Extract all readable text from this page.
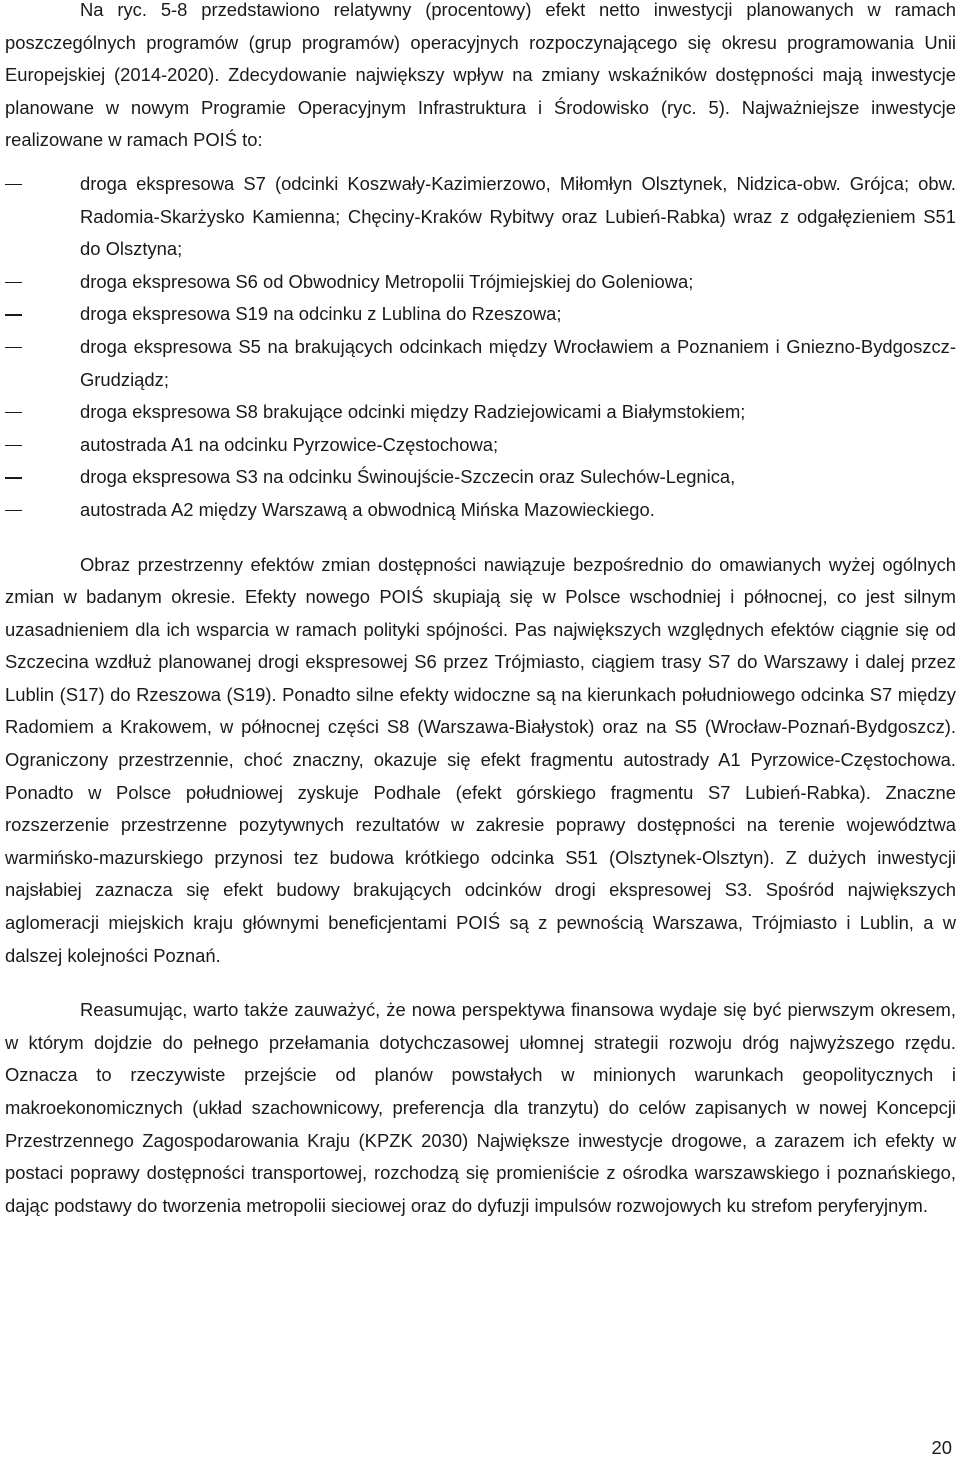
Na ryc. 5-8 przedstawiono relatywny (procentowy) efekt netto inwestycji planowanych w ramach poszczególnych programów (grup programów) operacyjnych rozpoczynającego się okresu programowania Unii Europejskiej (2014-2020). Zdecydowanie największy wpływ na zmiany wskaźników dostępności mają inwestycje planowane w nowym Programie Operacyjnym Infrastruktura i Środowisko (ryc. 5). Najważniejsze inwestycje realizowane w ramach POIŚ to:

droga ekspresowa S7 (odcinki Koszwały-Kazimierzowo, Miłomłyn Olsztynek, Nidzica-obw. Grójca; obw. Radomia-Skarżysko Kamienna; Chęciny-Kraków Rybitwy oraz Lubień-Rabka) wraz z odgałęzieniem S51 do Olsztyna;
droga ekspresowa S6 od Obwodnicy Metropolii Trójmiejskiej do Goleniowa;
droga ekspresowa S19 na odcinku z Lublina do Rzeszowa;
droga ekspresowa S5 na brakujących odcinkach między Wrocławiem a Poznaniem i Gniezno-Bydgoszcz-Grudziądz;
droga ekspresowa S8 brakujące odcinki między Radziejowicami a Białymstokiem;
autostrada A1 na odcinku Pyrzowice-Częstochowa;
droga ekspresowa S3 na odcinku Świnoujście-Szczecin oraz Sulechów-Legnica,
autostrada A2 między Warszawą a obwodnicą Mińska Mazowieckiego.

Obraz przestrzenny efektów zmian dostępności nawiązuje bezpośrednio do omawianych wyżej ogólnych zmian w badanym okresie. Efekty nowego POIŚ skupiają się w Polsce wschodniej i północnej, co jest silnym uzasadnieniem dla ich wsparcia w ramach polityki spójności. Pas największych względnych efektów ciągnie się od Szczecina wzdłuż planowanej drogi ekspresowej S6 przez Trójmiasto, ciągiem trasy S7 do Warszawy i dalej przez Lublin (S17) do Rzeszowa (S19). Ponadto silne efekty widoczne są na kierunkach południowego odcinka S7 między Radomiem a Krakowem, w północnej części S8 (Warszawa-Białystok) oraz na S5 (Wrocław-Poznań-Bydgoszcz). Ograniczony przestrzennie, choć znaczny, okazuje się efekt fragmentu autostrady A1 Pyrzowice-Częstochowa. Ponadto w Polsce południowej zyskuje Podhale (efekt górskiego fragmentu S7 Lubień-Rabka). Znaczne rozszerzenie przestrzenne pozytywnych rezultatów w zakresie poprawy dostępności na terenie województwa warmińsko-mazurskiego przynosi tez budowa krótkiego odcinka S51 (Olsztynek-Olsztyn). Z dużych inwestycji najsłabiej zaznacza się efekt budowy brakujących odcinków drogi ekspresowej S3. Spośród największych aglomeracji miejskich kraju głównymi beneficjentami POIŚ są z pewnością Warszawa, Trójmiasto i Lublin, a w dalszej kolejności Poznań.

Reasumując, warto także zauważyć, że nowa perspektywa finansowa wydaje się być pierwszym okresem, w którym dojdzie do pełnego przełamania dotychczasowej ułomnej strategii rozwoju dróg najwyższego rzędu. Oznacza to rzeczywiste przejście od planów powstałych w minionych warunkach geopolitycznych i makroekonomicznych (układ szachownicowy, preferencja dla tranzytu) do celów zapisanych w nowej Koncepcji Przestrzennego Zagospodarowania Kraju (KPZK 2030) Największe inwestycje drogowe, a zarazem ich efekty w postaci poprawy dostępności transportowej, rozchodzą się promieniście z ośrodka warszawskiego i poznańskiego, dając podstawy do tworzenia metropolii sieciowej oraz do dyfuzji impulsów rozwojowych ku strefom peryferyjnym.

20
